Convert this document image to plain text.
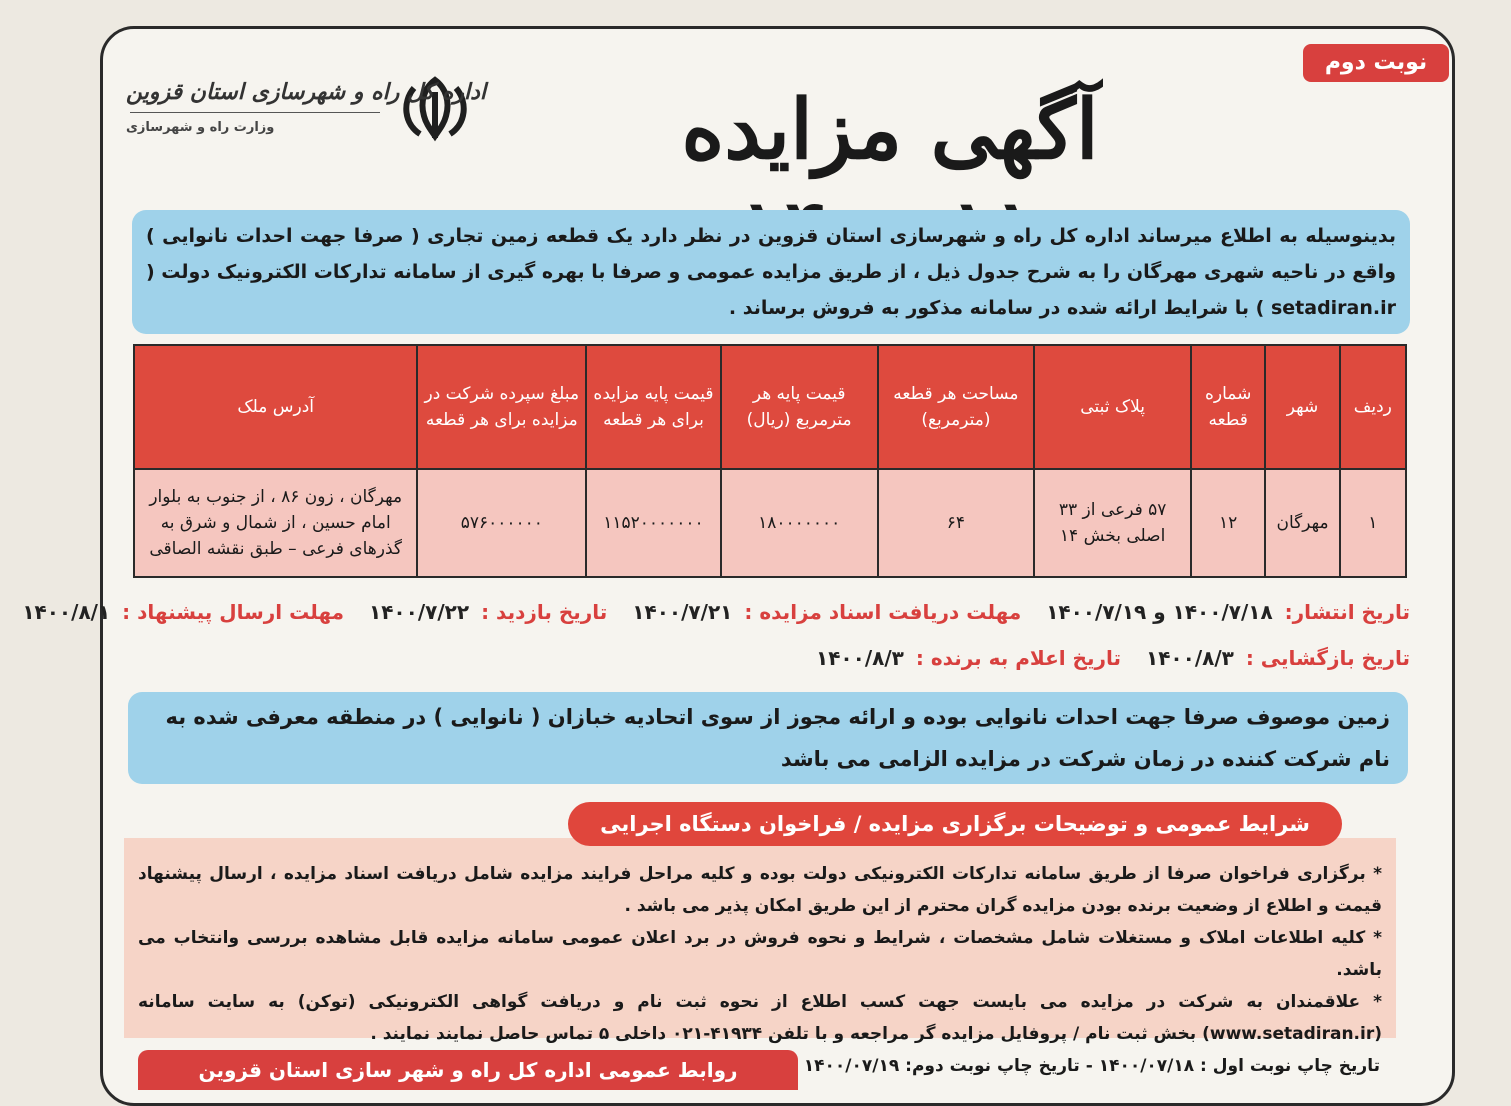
نوبت دوم
اداره کل راه و شهرسازی استان قزوین
وزارت راه و شهرسازی	آگهی مزایده
بدینوسیله به اطلاع میرساند اداره کل راه و شهرسازی استان قزوین در نظر دارد یک قطعه زمین تجاری ( صرفا جهت احدات نانوایی ) واقع در ناحیه شهری مهرگان را به شرح جدول ذیل ، از طریق مزایده عمومی و صرفا با بهره گیری از سامانه تدارکات الکترونیک دولت ( setadiran.ir ) با شرایط ارائه شده در سامانه مذکور به فروش برساند .
ردیف	شهر	شماره قطعه	پلاک ثبتی	مساحت هر قطعه (مترمربع)	قیمت پایه هر مترمربع (ریال)	قیمت پایه مزایده برای هر قطعه	مبلغ سپرده شرکت در مزایده برای هر قطعه	آدرس ملک
۱	مهرگان	۱۲	۵۷ فرعی از ۳۳ اصلی بخش ۱۴	۶۴	۱۸۰۰۰۰۰۰۰	۱۱۵۲۰۰۰۰۰۰۰	۵۷۶۰۰۰۰۰۰	مهرگان ، زون ۸۶ ، از جنوب به بلوار امام حسین ، از شمال و شرق به گذرهای فرعی – طبق نقشه الصاقی
تاریخ انتشار:۱۴۰۰/۷/۱۸ و ۱۴۰۰/۷/۱۹ مهلت دریافت اسناد مزایده :۱۴۰۰/۷/۲۱ تاریخ بازدید :۱۴۰۰/۷/۲۲ مهلت ارسال پیشنهاد :۱۴۰۰/۸/۱
تاریخ بازگشایی :۱۴۰۰/۸/۳ تاریخ اعلام به برنده :۱۴۰۰/۸/۳
زمین موصوف صرفا جهت احدات نانوایی بوده و ارائه مجوز از سوی اتحادیه خبازان ( نانوایی ) در منطقه معرفی شده به نام شرکت کننده در زمان شرکت در مزایده الزامی می باشد

* برگزاری فراخوان صرفا از طریق سامانه تدارکات الکترونیکی دولت بوده و کلیه مراحل فرایند مزایده شامل دریافت اسناد مزایده ، ارسال پیشنهاد قیمت و اطلاع از وضعیت برنده بودن مزایده گران محترم از این طریق امکان پذیر می باشد .

* کلیه اطلاعات املاک و مستغلات شامل مشخصات ، شرایط و نحوه فروش در برد اعلان عمومی سامانه مزایده قابل مشاهده بررسی وانتخاب می باشد.

* علاقمندان به شرکت در مزایده می بایست جهت کسب اطلاع از نحوه ثبت نام و دریافت گواهی الکترونیکی (توکن) به سایت سامانه (www.setadiran.ir) بخش ثبت نام / پروفایل مزایده گر مراجعه و با تلفن ۴۱۹۳۴-۰۲۱ داخلی ۵ تماس حاصل نمایند نمایند .

شرایط عمومی و توضیحات برگزاری مزایده / فراخوان دستگاه اجرایی
روابط عمومی اداره کل راه و شهر سازی استان قزوین	تاریخ چاپ نوبت اول : ۱۴۰۰/۰۷/۱۸ - تاریخ چاپ نوبت دوم: ۱۴۰۰/۰۷/۱۹
